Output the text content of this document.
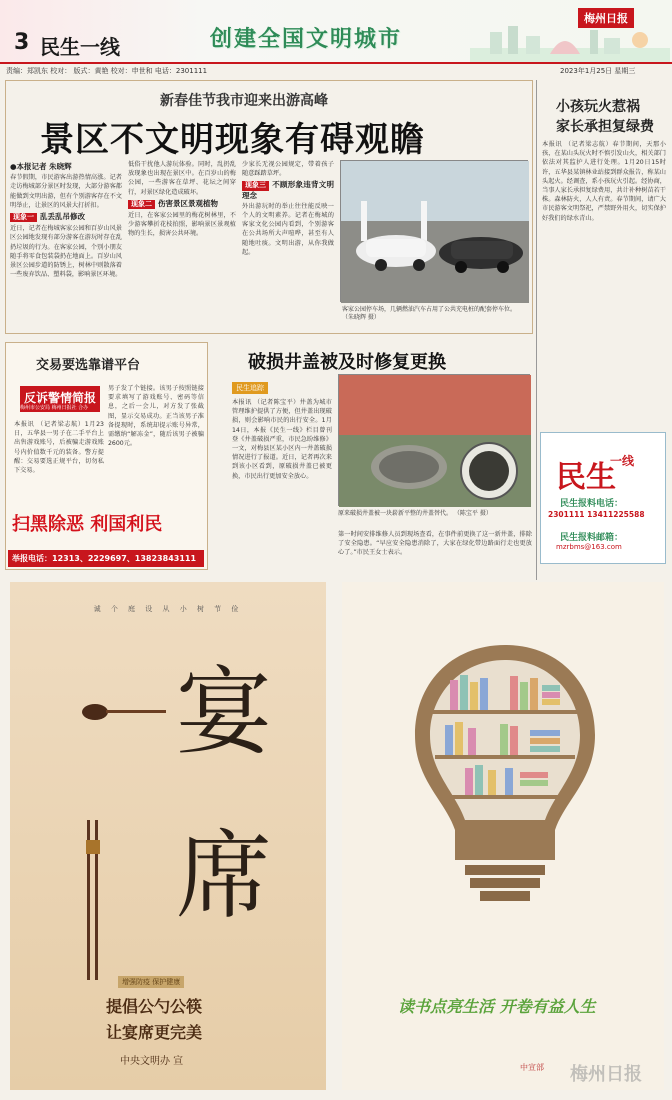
3 民生一线	创建全国文明城市
梅州日报
责编：郑凯东 校对： 版式：黄艳 校对：申世和 电话：2301111	2023年1月25日 星期三
新春佳节我市迎来出游高峰
景区不文明现象有碍观瞻
●本报记者 朱晓辉
春节假期，市民游客出游热情高涨。记者走访梅城部分景区时发现，大部分游客都能做到文明出游，但有个别游客存在不文明举止，让景区的风景大打折扣。
现象一 乱丢乱吊修改
近日，记者在梅城客家公园和百岁山风景区公园地发现有部分游客在游玩时存在乱扔垃圾的行为。在客家公园，个别小朋友随手将零食包装袋扔在地面上。百岁山风景区公园步道的防锈上，树林中则散落着一些废弃饮品、塑料袋，影响景区环境。
低俗干扰他人游玩体验。同时，乱扔乱放现象也出现在景区中。在百岁山的梅公园，一些游客在草坪、花坛之间穿行，对景区绿化造成破坏。
现象二 伤害景区景观植物
近日，在客家公园里的梅花树林里，不少游客攀折花枝拍照，影响景区景观植物的生长，损害公共环境。
少家长无视公园规定，带着孩子随意踩踏草坪。
现象三 不顾形象违背文明理念
外出游玩时的举止往往能反映一个人的文明素养。记者在梅城的客家文化公园内看到，个别游客在公共场所大声喧哗，甚至有人随地吐痰。文明出游，从你我做起。
客家公园停车场，几辆燃油汽车占用了公共充电桩的配套停车位。 （朱晓辉 摄）
小孩玩火惹祸
家长承担复绿费
本报讯 （记者梁志航）春节期间，天那小孩，在某山头玩火时不慎引发山火，相关部门依法对其监护人进行处理。1月20日15时许，五华县某镇林业站接到群众报告，称某山头起火。经调查，系小孩玩火引起。经协商，当事人家长承担复绿费用，共计补种树苗若干株。森林防火，人人有责。春节期间，请广大市民游客文明祭祀，严禁野外用火，切实保护好我们的绿水青山。
民生
一线
民生报料电话：
2301111 13411225588
民生报料邮箱：
mzrbms@163.com
交易要选靠谱平台
反诉警情简报
梅州市公安局 梅州日报社 合办
本报讯 （记者梁志航）1月23日，五华县一男子在二手平台上出售游戏账号，后被骗走游戏账号内价值数千元的装备。警方提醒：交易要选正规平台，切勿私下交易。
男子发了个链接。该男子按照链接要求填写了游戏账号、密码等信息，之后一会儿，对方发了张截图，显示交易成功。正当该男子准备提现时，系统却提示账号异常，需缴纳“解冻金”，随后该男子被骗2600元。
扫黑除恶 利国利民
举报电话：12313、2229697、13823843111
破损井盖被及时修复更换
民生追踪
本报讯 （记者陈宝平）井盖为城市管理维护提供了方便，但井盖出现破损，则会影响市民的出行安全。1月14日，本报《民生一线》栏目曾刊登《井盖破损严重，市民急盼维修》一文，对梅县区某小区内一井盖破损情况进行了报道。近日，记者再次来到该小区看到，原破损井盖已被更换，市民出行更加安全放心。
原来破损井盖被一块崭新平整的井盖替代。 （陈宝平 摄）
第一时间安排维修人员到现场查看，在事件前更换了这一新井盖，排除了安全隐患。“早应安全隐患消除了，大家在绿化带边路面行走也更放心了。”市民王女士表示。
诚 个 庭 设 从 小 树 节 俭
宴
席
增强防疫 保护健康
提倡公勺公筷
让宴席更完美
中央文明办 宣
读书点亮生活 开卷有益人生
中宣部 梅州日报
